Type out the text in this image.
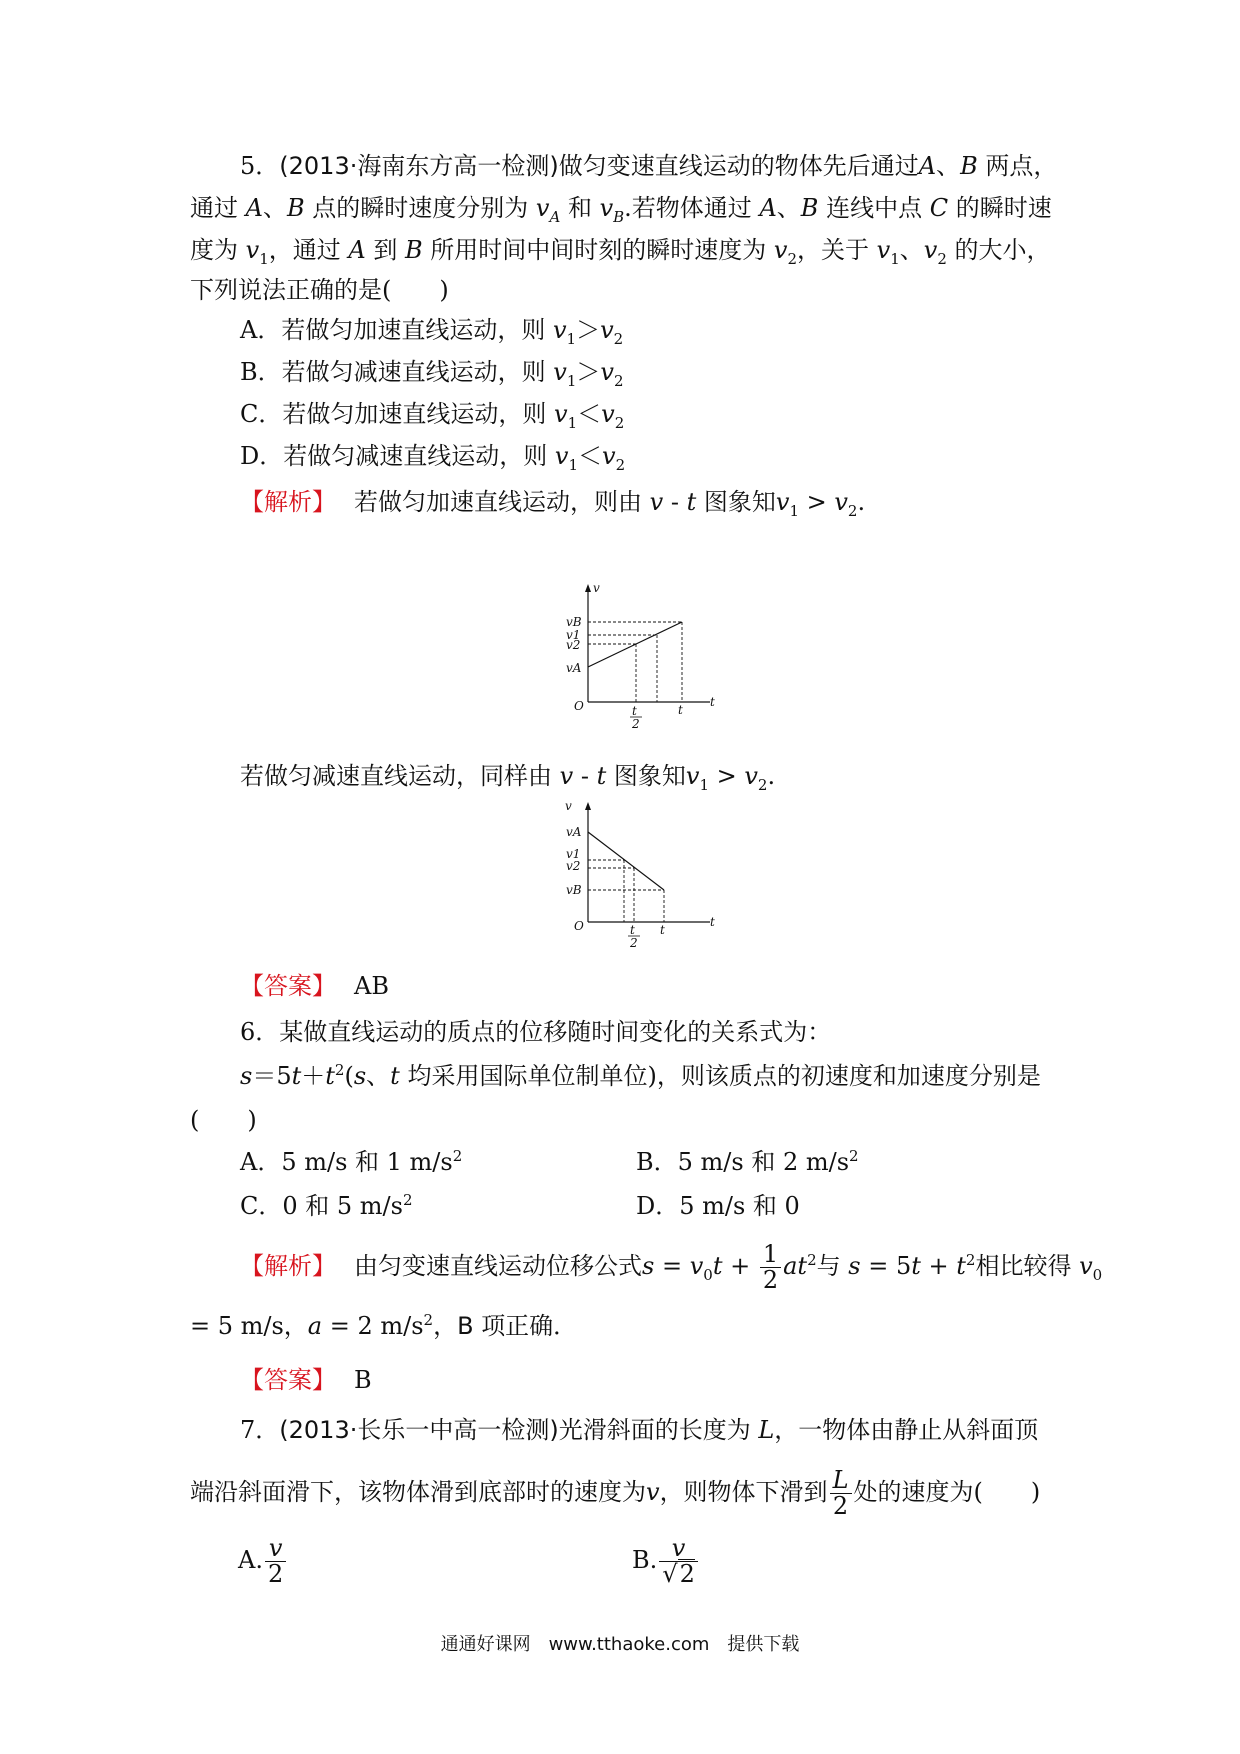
5．(2013·海南东方高一检测)做匀变速直线运动的物体先后通过A、B 两点，
通过 A、B 点的瞬时速度分别为 $v_A$ 和 $v_B$.若物体通过 A、B 连线中点 C 的瞬时速
度为 $v_1$，通过 A 到 B 所用时间中间时刻的瞬时速度为 $v_2$，关于 $v_1$、$v_2$ 的大小，
下列说法正确的是(　　)
A．若做匀加速直线运动，则 $v_1>v_2$
B．若做匀减速直线运动，则 $v_1>v_2$
C．若做匀加速直线运动，则 $v_1<v_2$
D．若做匀减速直线运动，则 $v_1<v_2$
【解析】 若做匀加速直线运动，则由 v - t 图象知$v_1 > v_2$.
v
t
O
vB
v1
v2
vA
t
2
t
若做匀减速直线运动，同样由 v - t 图象知$v_1 > v_2$.
v
t
O
vA
v1
v2
vB
t
2
t
【答案】 AB
6．某做直线运动的质点的位移随时间变化的关系式为：
$s=5t+t^2(s$、t 均采用国际单位制单位)，则该质点的初速度和加速度分别是
(　　)
A．5 m/s 和 1 $m/s^2$	B．5 m/s 和 2 $m/s^2$
C．0 和 5 $m/s^2$	D．5 m/s 和 0
【解析】 由匀变速直线运动位移公式$s = v_0t + \frac{1}{2} at^2$与 $s = 5t + t^2$相比较得 $v_0$
= 5 m/s，a = 2 $m/s^2$，B 项正确．
【答案】 B
7．(2013·长乐一中高一检测)光滑斜面的长度为 L，一物体由静止从斜面顶
端沿斜面滑下，该物体滑到底部时的速度为v，则物体下滑到 $\frac{L}{2}$ 处的速度为(　　)
A. $\frac{v}{2}$	B. $\frac{v}{√2}$
通通好课网　www.tthaoke.com　提供下载
